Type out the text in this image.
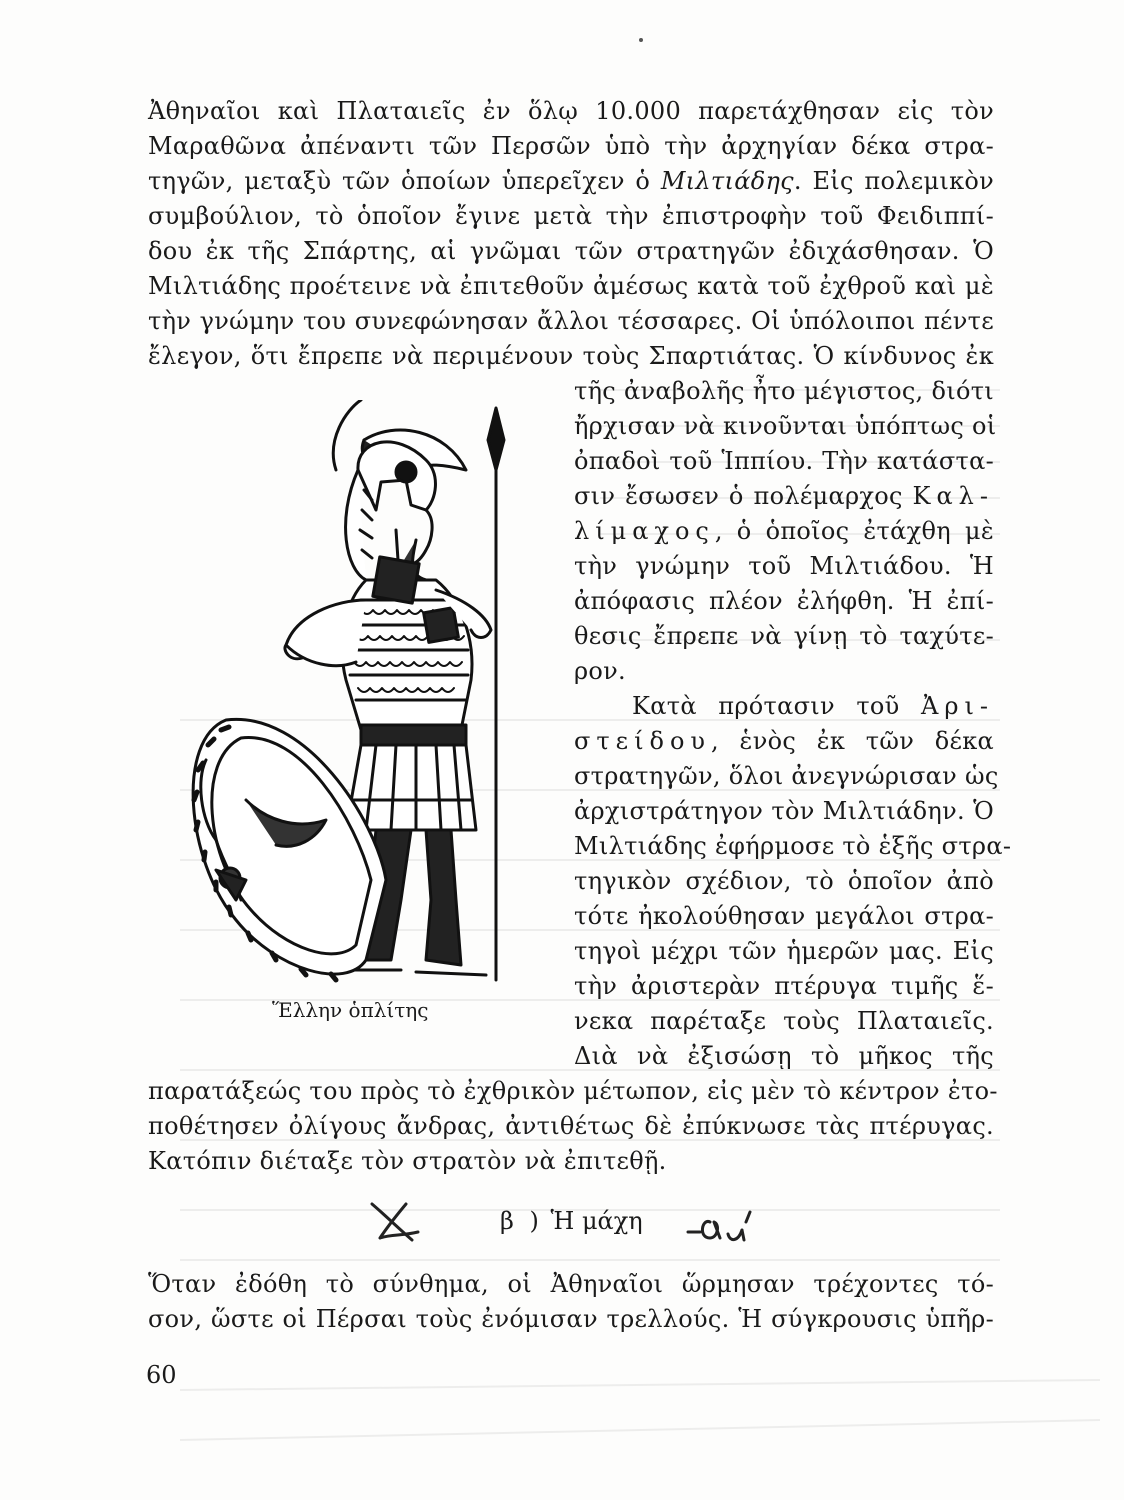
Ἀθηναῖοι καὶ Πλαταιεῖς ἐν ὅλῳ 10.000 παρετάχθησαν εἰς τὸν
Μαραθῶνα ἀπέναντι τῶν Περσῶν ὑπὸ τὴν ἀρχηγίαν δέκα στρα-
τηγῶν, μεταξὺ τῶν ὁποίων ὑπερεῖχεν ὁ Μιλτιάδης. Εἰς πολεμικὸν
συμβούλιον, τὸ ὁποῖον ἔγινε μετὰ τὴν ἐπιστροφὴν τοῦ Φειδιππί-
δου ἐκ τῆς Σπάρτης, αἱ γνῶμαι τῶν στρατηγῶν ἐδιχάσθησαν. Ὁ
Μιλτιάδης προέτεινε νὰ ἐπιτεθοῦν ἀμέσως κατὰ τοῦ ἐχθροῦ καὶ μὲ
τὴν γνώμην του συνεφώνησαν ἄλλοι τέσσαρες. Οἱ ὑπόλοιποι πέντε
ἔλεγον, ὅτι ἔπρεπε νὰ περιμένουν τοὺς Σπαρτιάτας. Ὁ κίνδυνος ἐκ
τῆς ἀναβολῆς ἦτο μέγιστος, διότι
ἤρχισαν νὰ κινοῦνται ὑπόπτως οἱ
ὀπαδοὶ τοῦ Ἱππίου. Τὴν κατάστα-
σιν ἔσωσεν ὁ πολέμαρχος Καλ-
λίμαχος, ὁ ὁποῖος ἐτάχθη μὲ
τὴν γνώμην τοῦ Μιλτιάδου. Ἡ
ἀπόφασις πλέον ἐλήφθη. Ἡ ἐπί-
θεσις ἔπρεπε νὰ γίνῃ τὸ ταχύτε-
ρον.
Κατὰ πρότασιν τοῦ Ἀρι-
στείδου, ἑνὸς ἐκ τῶν δέκα
στρατηγῶν, ὅλοι ἀνεγνώρισαν ὡς
ἀρχιστράτηγον τὸν Μιλτιάδην. Ὁ
Μιλτιάδης ἐφήρμοσε τὸ ἑξῆς στρα-
τηγικὸν σχέδιον, τὸ ὁποῖον ἀπὸ
τότε ἠκολούθησαν μεγάλοι στρα-
τηγοὶ μέχρι τῶν ἡμερῶν μας. Εἰς
τὴν ἀριστερὰν πτέρυγα τιμῆς ἕ-
νεκα παρέταξε τοὺς Πλαταιεῖς.
Διὰ νὰ ἐξισώσῃ τὸ μῆκος τῆς
παρατάξεώς του πρὸς τὸ ἐχθρικὸν μέτωπον, εἰς μὲν τὸ κέντρον ἐτο-
ποθέτησεν ὀλίγους ἄνδρας, ἀντιθέτως δὲ ἐπύκνωσε τὰς πτέρυγας.
Κατόπιν διέταξε τὸν στρατὸν νὰ ἐπιτεθῇ.
β ) Ἡ μάχη
Ὅταν ἐδόθη τὸ σύνθημα, οἱ Ἀθηναῖοι ὥρμησαν τρέχοντες τό-
σον, ὥστε οἱ Πέρσαι τοὺς ἐνόμισαν τρελλούς. Ἡ σύγκρουσις ὑπῆρ-
60
Ἕλλην ὁπλίτης
